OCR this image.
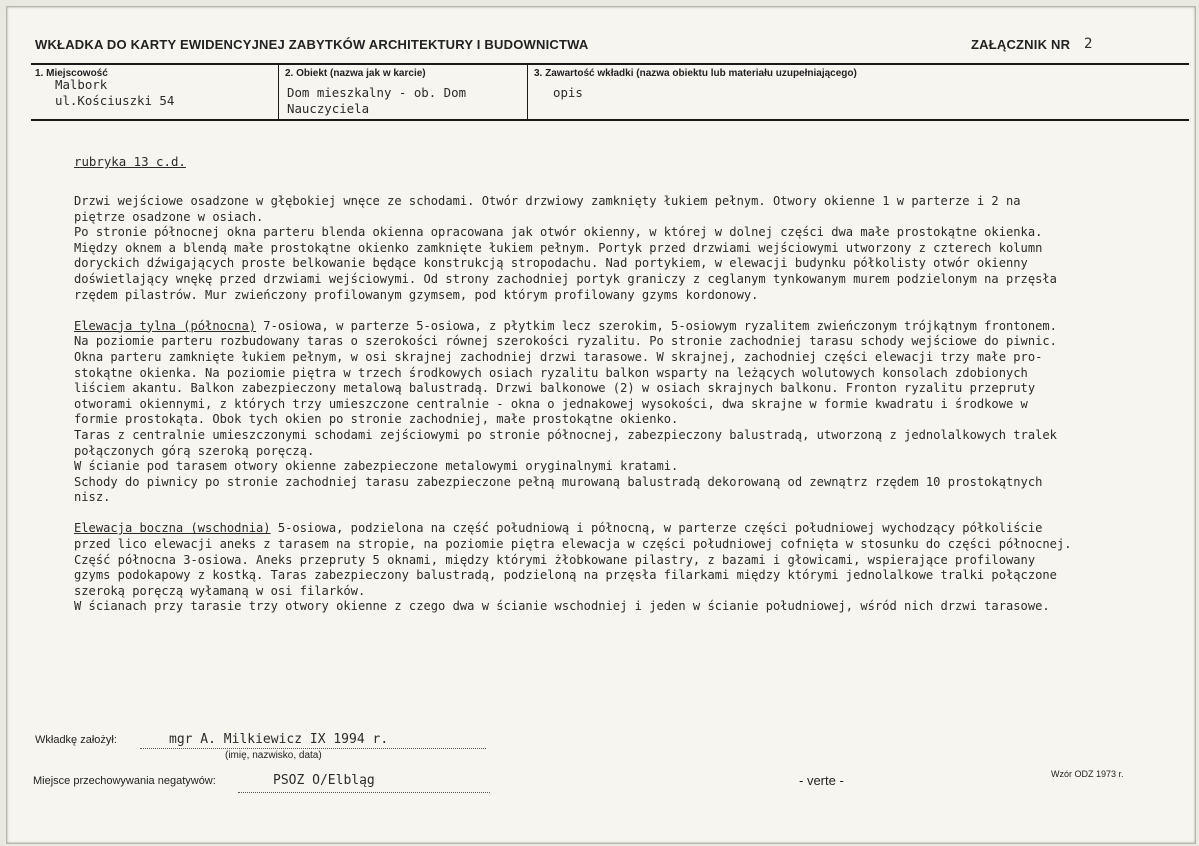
WKŁADKA DO KARTY EWIDENCYJNEJ ZABYTKÓW ARCHITEKTURY I BUDOWNICTWA	ZAŁĄCZNIK NR 2
1. Miejscowość
Malbork
ul.Kościuszki 54
2. Obiekt (nazwa jak w karcie)
Dom mieszkalny - ob. Dom
Nauczyciela
3. Zawartość wkładki (nazwa obiektu lub materiału uzupełniającego)
opis
rubryka 13 c.d.
Drzwi wejściowe osadzone w głębokiej wnęce ze schodami. Otwór drzwiowy zamknięty łukiem pełnym. Otwory okienne 1 w parterze i 2 na
piętrze osadzone w osiach.
Po stronie północnej okna parteru blenda okienna opracowana jak otwór okienny, w której w dolnej części dwa małe prostokątne okienka.
Między oknem a blendą małe prostokątne okienko zamknięte łukiem pełnym. Portyk przed drzwiami wejściowymi utworzony z czterech kolumn
doryckich dźwigających proste belkowanie będące konstrukcją stropodachu. Nad portykiem, w elewacji budynku półkolisty otwór okienny
doświetlający wnękę przed drzwiami wejściowymi. Od strony zachodniej portyk graniczy z ceglanym tynkowanym murem podzielonym na przęsła
rzędem pilastrów. Mur zwieńczony profilowanym gzymsem, pod którym profilowany gzyms kordonowy.
Elewacja tylna (północna) 7-osiowa, w parterze 5-osiowa, z płytkim lecz szerokim, 5-osiowym ryzalitem zwieńczonym trójkątnym frontonem.
Na poziomie parteru rozbudowany taras o szerokości równej szerokości ryzalitu. Po stronie zachodniej tarasu schody wejściowe do piwnic.
Okna parteru zamknięte łukiem pełnym, w osi skrajnej zachodniej drzwi tarasowe. W skrajnej, zachodniej części elewacji trzy małe pro-
stokątne okienka. Na poziomie piętra w trzech środkowych osiach ryzalitu balkon wsparty na leżących wolutowych konsolach zdobionych
liściem akantu. Balkon zabezpieczony metalową balustradą. Drzwi balkonowe (2) w osiach skrajnych balkonu. Fronton ryzalitu przepruty
otworami okiennymi, z których trzy umieszczone centralnie - okna o jednakowej wysokości, dwa skrajne w formie kwadratu i środkowe w
formie prostokąta. Obok tych okien po stronie zachodniej, małe prostokątne okienko.
Taras z centralnie umieszczonymi schodami zejściowymi po stronie północnej, zabezpieczony balustradą, utworzoną z jednolalkowych tralek
połączonych górą szeroką poręczą.
W ścianie pod tarasem otwory okienne zabezpieczone metalowymi oryginalnymi kratami.
Schody do piwnicy po stronie zachodniej tarasu zabezpieczone pełną murowaną balustradą dekorowaną od zewnątrz rzędem 10 prostokątnych
nisz.
Elewacja boczna (wschodnia) 5-osiowa, podzielona na część południową i północną, w parterze części południowej wychodzący półkoliście
przed lico elewacji aneks z tarasem na stropie, na poziomie piętra elewacja w części południowej cofnięta w stosunku do części północnej.
Część północna 3-osiowa. Aneks przepruty 5 oknami, między którymi żłobkowane pilastry, z bazami i głowicami, wspierające profilowany
gzyms podokapowy z kostką. Taras zabezpieczony balustradą, podzieloną na przęsła filarkami między którymi jednolalkowe tralki połączone
szeroką poręczą wyłamaną w osi filarków.
W ścianach przy tarasie trzy otwory okienne z czego dwa w ścianie wschodniej i jeden w ścianie południowej, wśród nich drzwi tarasowe.
Wkładkę założył:	mgr A. Milkiewicz IX 1994 r.
(imię, nazwisko, data)
Miejsce przechowywania negatywów:	PSOZ O/Elbląg	- verte -	Wzór ODZ 1973 r.
